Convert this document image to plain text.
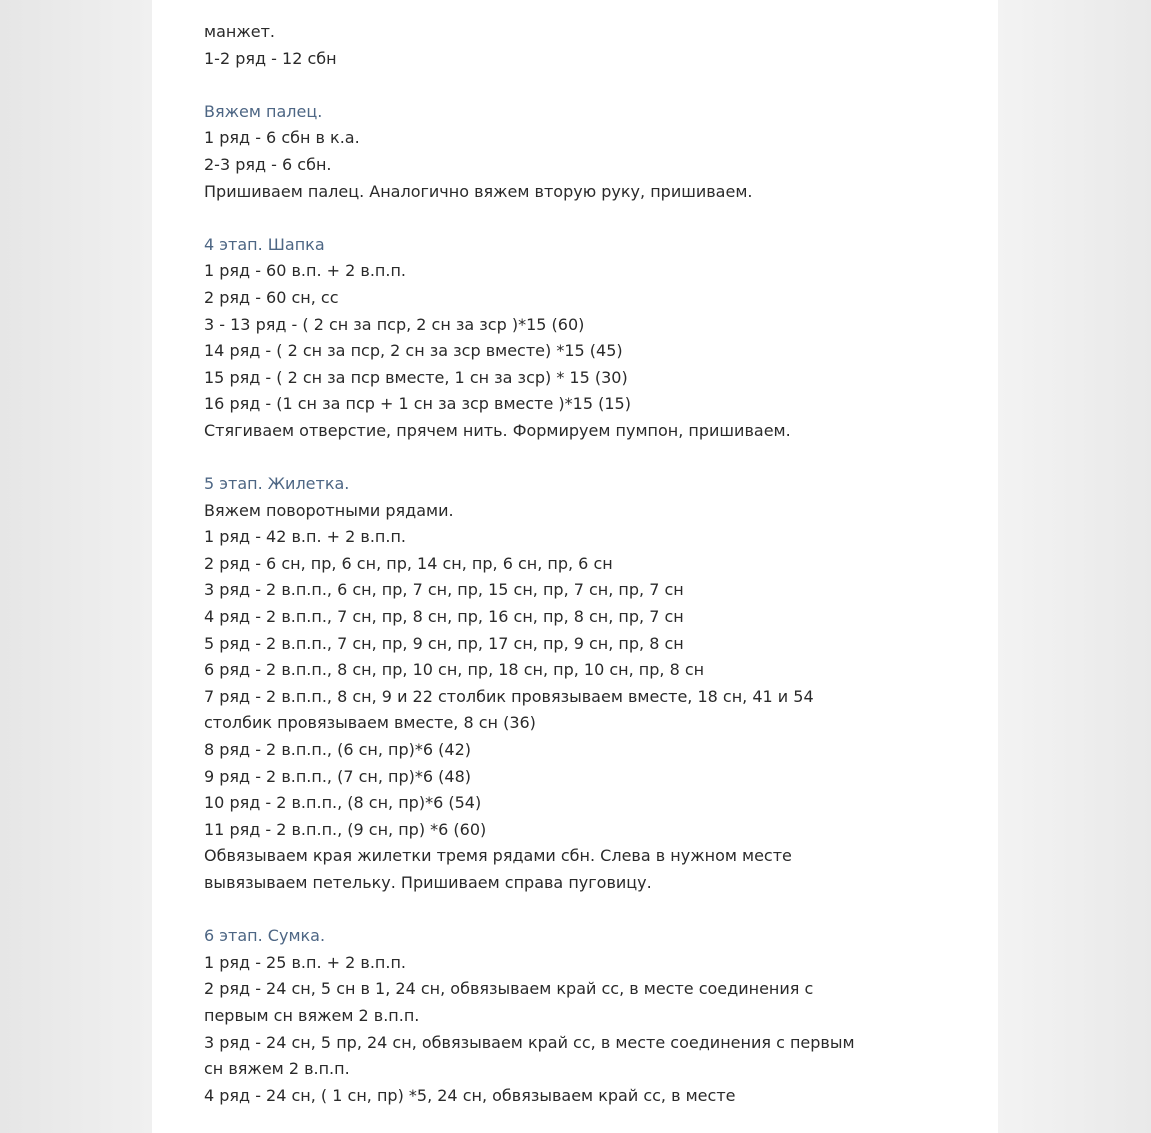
манжет.
1-2 ряд - 12 сбн
Вяжем палец.
1 ряд - 6 сбн в к.а.
2-3 ряд - 6 сбн.
Пришиваем палец. Аналогично вяжем вторую руку, пришиваем.
4 этап. Шапка
1 ряд - 60 в.п. + 2 в.п.п.
2 ряд - 60 сн, сс
3 - 13 ряд - ( 2 сн за пср, 2 сн за зср )*15 (60)
14 ряд - ( 2 сн за пср, 2 сн за зср вместе) *15 (45)
15 ряд - ( 2 сн за пср вместе, 1 сн за зср) * 15 (30)
16 ряд - (1 сн за пср + 1 сн за зср вместе )*15 (15)
Стягиваем отверстие, прячем нить. Формируем пумпон, пришиваем.
5 этап. Жилетка.
Вяжем поворотными рядами.
1 ряд - 42 в.п. + 2 в.п.п.
2 ряд - 6 сн, пр, 6 сн, пр, 14 сн, пр, 6 сн, пр, 6 сн
3 ряд - 2 в.п.п., 6 сн, пр, 7 сн, пр, 15 сн, пр, 7 сн, пр, 7 сн
4 ряд - 2 в.п.п., 7 сн, пр, 8 сн, пр, 16 сн, пр, 8 сн, пр, 7 сн
5 ряд - 2 в.п.п., 7 сн, пр, 9 сн, пр, 17 сн, пр, 9 сн, пр, 8 сн
6 ряд - 2 в.п.п., 8 сн, пр, 10 сн, пр, 18 сн, пр, 10 сн, пр, 8 сн
7 ряд - 2 в.п.п., 8 сн, 9 и 22 столбик провязываем вместе, 18 сн, 41 и 54
столбик провязываем вместе, 8 сн (36)
8 ряд - 2 в.п.п., (6 сн, пр)*6 (42)
9 ряд - 2 в.п.п., (7 сн, пр)*6 (48)
10 ряд - 2 в.п.п., (8 сн, пр)*6 (54)
11 ряд - 2 в.п.п., (9 сн, пр) *6 (60)
Обвязываем края жилетки тремя рядами сбн. Слева в нужном месте
вывязываем петельку. Пришиваем справа пуговицу.
6 этап. Сумка.
1 ряд - 25 в.п. + 2 в.п.п.
2 ряд - 24 сн, 5 сн в 1, 24 сн, обвязываем край сс, в месте соединения с
первым сн вяжем 2 в.п.п.
3 ряд - 24 сн, 5 пр, 24 сн, обвязываем край сс, в месте соединения с первым
сн вяжем 2 в.п.п.
4 ряд - 24 сн, ( 1 сн, пр) *5, 24 сн, обвязываем край сс, в месте
